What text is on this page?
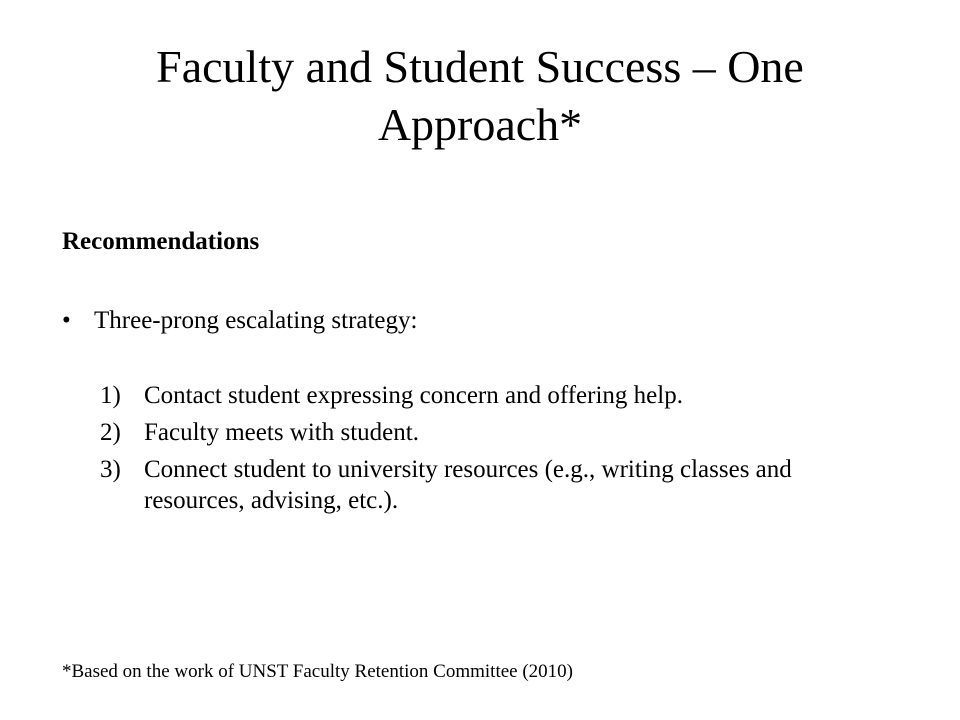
Faculty and Student Success – One Approach*
Recommendations
• Three-prong escalating strategy:
1) Contact student expressing concern and offering help.
2) Faculty meets with student.
3) Connect student to university resources (e.g., writing classes and resources, advising, etc.).
*Based on the work of UNST Faculty Retention Committee (2010)
